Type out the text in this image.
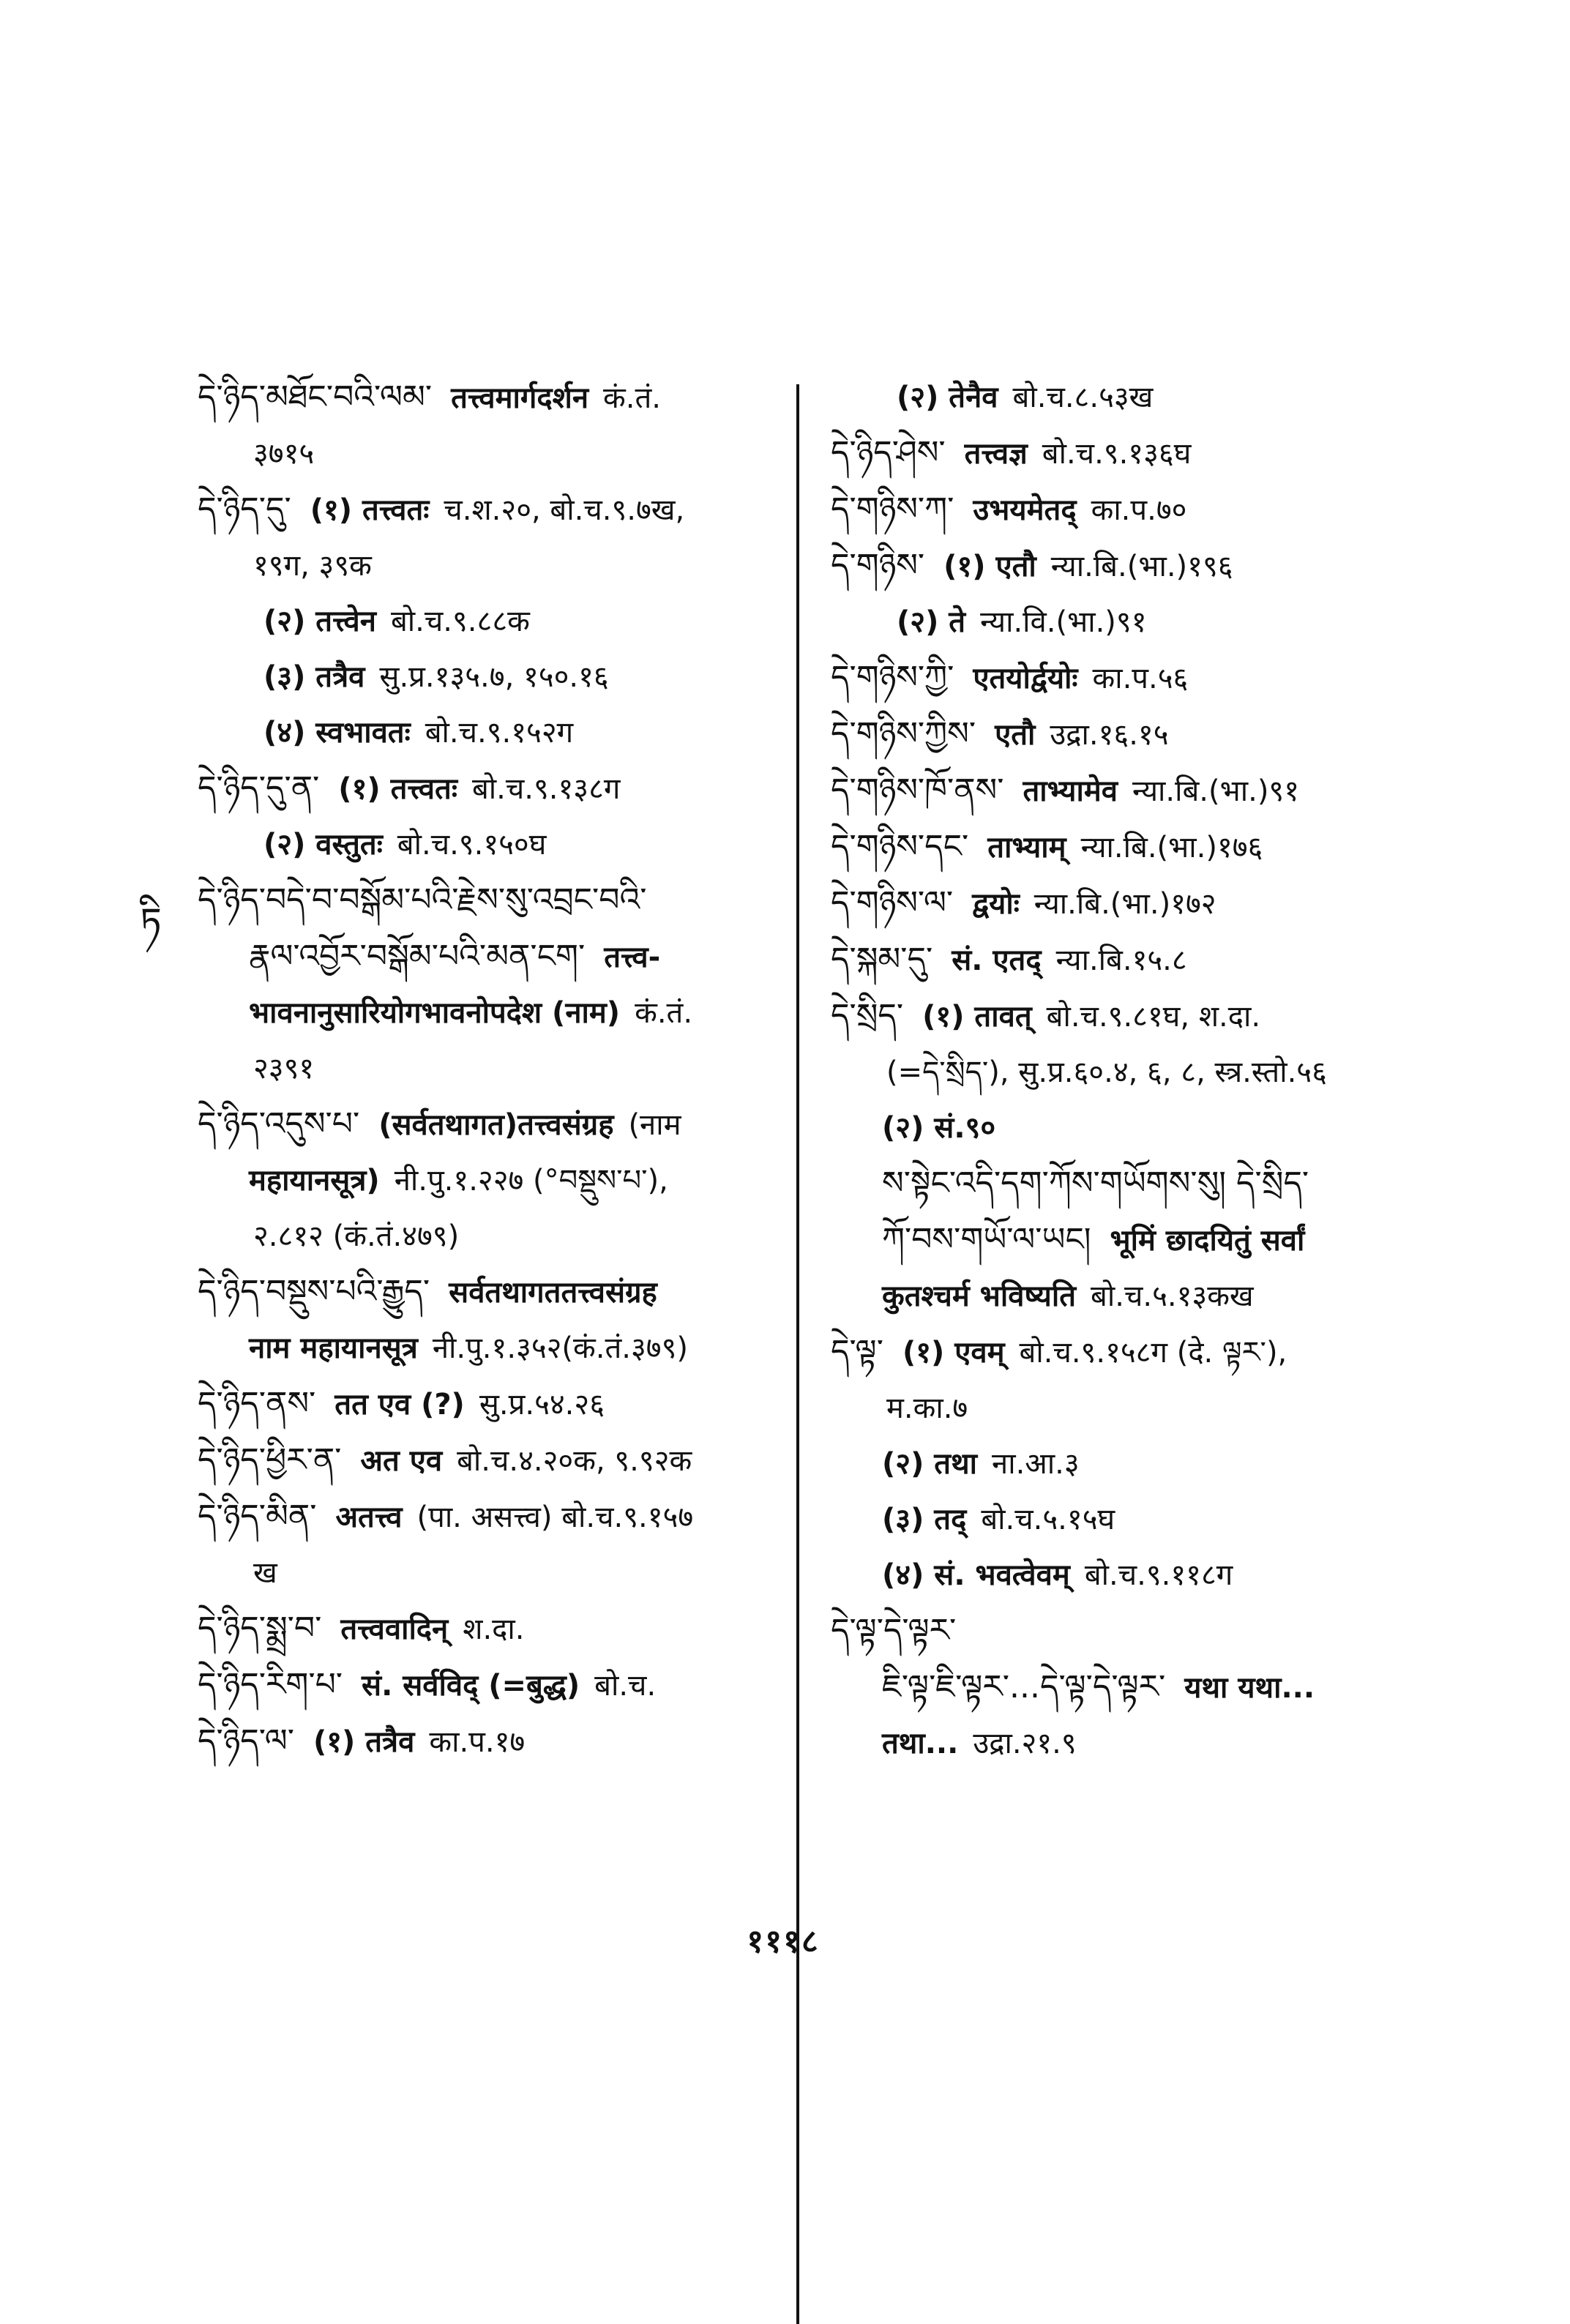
ཏི
དེ་ཉིད་མཐོང་བའི་ལམ་ तत्त्वमार्गदर्शन कं.तं.
३७१५
དེ་ཉིད་དུ་ (१) तत्त्वतः च.श.२०, बो.च.९.७ख,
१९ग, ३९क
(२) तत्त्वेन बो.च.९.८८क
(३) तत्रैव सु.प्र.१३५.७, १५०.१६
(४) स्वभावतः बो.च.९.१५२ग
དེ་ཉིད་དུ་ན་ (१) तत्त्वतः बो.च.९.१३८ग
(२) वस्तुतः बो.च.९.१५०घ
དེ་ཉིད་བདེ་བ་བསྒོམ་པའི་རྗེས་སུ་འབྲང་བའི་
རྣལ་འབྱོར་བསྒོམ་པའི་མན་ངག་ तत्त्व-
भावनानुसारियोगभावनोपदेश (नाम) कं.तं.
२३९१
དེ་ཉིད་འདུས་པ་ (सर्वतथागत)तत्त्वसंग्रह (नाम
महायानसूत्र) नी.पु.१.२२७ (°བསྡུས་པ་),
२.८१२ (कं.तं.४७९)
དེ་ཉིད་བསྡུས་པའི་རྒྱུད་ सर्वतथागततत्त्वसंग्रह
नाम महायानसूत्र नी.पु.१.३५२(कं.तं.३७९)
དེ་ཉིད་ནས་ तत एव (?) सु.प्र.५४.२६
དེ་ཉིད་ཕྱིར་ན་ अत एव बो.च.४.२०क, ९.९२क
དེ་ཉིད་མིན་ अतत्त्व (पा. असत्त्व) बो.च.९.१५७
ख
དེ་ཉིད་སྨྲ་བ་ तत्त्ववादिन् श.दा.
དེ་ཉིད་རིག་པ་ सं. सर्वविद् (=बुद्ध) बो.च.
དེ་ཉིད་ལ་ (१) तत्रैव का.प.१७
(२) तेनैव बो.च.८.५३ख
དེ་ཉིད་ཤེས་ तत्त्वज्ञ बो.च.९.१३६घ
དེ་གཉིས་ཀ་ उभयमेतद् का.प.७०
དེ་གཉིས་ (१) एतौ न्या.बि.(भा.)१९६
(२) ते न्या.वि.(भा.)९१
དེ་གཉིས་ཀྱི་ एतयोर्द्वयोः का.प.५६
དེ་གཉིས་ཀྱིས་ एतौ उद्रा.१६.१५
དེ་གཉིས་ཁོ་ནས་ ताभ्यामेव न्या.बि.(भा.)९१
དེ་གཉིས་དང་ ताभ्याम् न्या.बि.(भा.)१७६
དེ་གཉིས་ལ་ द्वयोः न्या.बि.(भा.)१७२
དེ་སྐམ་དུ་ सं. एतद् न्या.बि.१५.८
དེ་སྲིད་ (१) तावत् बो.च.९.८१घ, श.दा.
(=དེ་སྲིད་), सु.प्र.६०.४, ६, ८, स्त्र.स्तो.५६
(२) सं.९०
ས་སྟེང་འདི་དག་ཀོས་གཡོགས་སུ། དེ་སྲིད་
ཀོ་བས་གཡོ་ལ་ཡང། भूमिं छादयितुं सर्वां
कुतश्चर्म भविष्यति बो.च.५.१३कख
དེ་ལྟ་ (१) एवम् बो.च.९.१५८ग (दे. ལྟར་),
म.का.७
(२) तथा ना.आ.३
(३) तद् बो.च.५.१५घ
(४) सं. भवत्वेवम् बो.च.९.११८ग
དེ་ལྟ་དེ་ལྟར་
ཇི་ལྟ་ཇི་ལྟར་...དེ་ལྟ་དེ་ལྟར་ यथा यथा...
तथा... उद्रा.२१.९
१११८
